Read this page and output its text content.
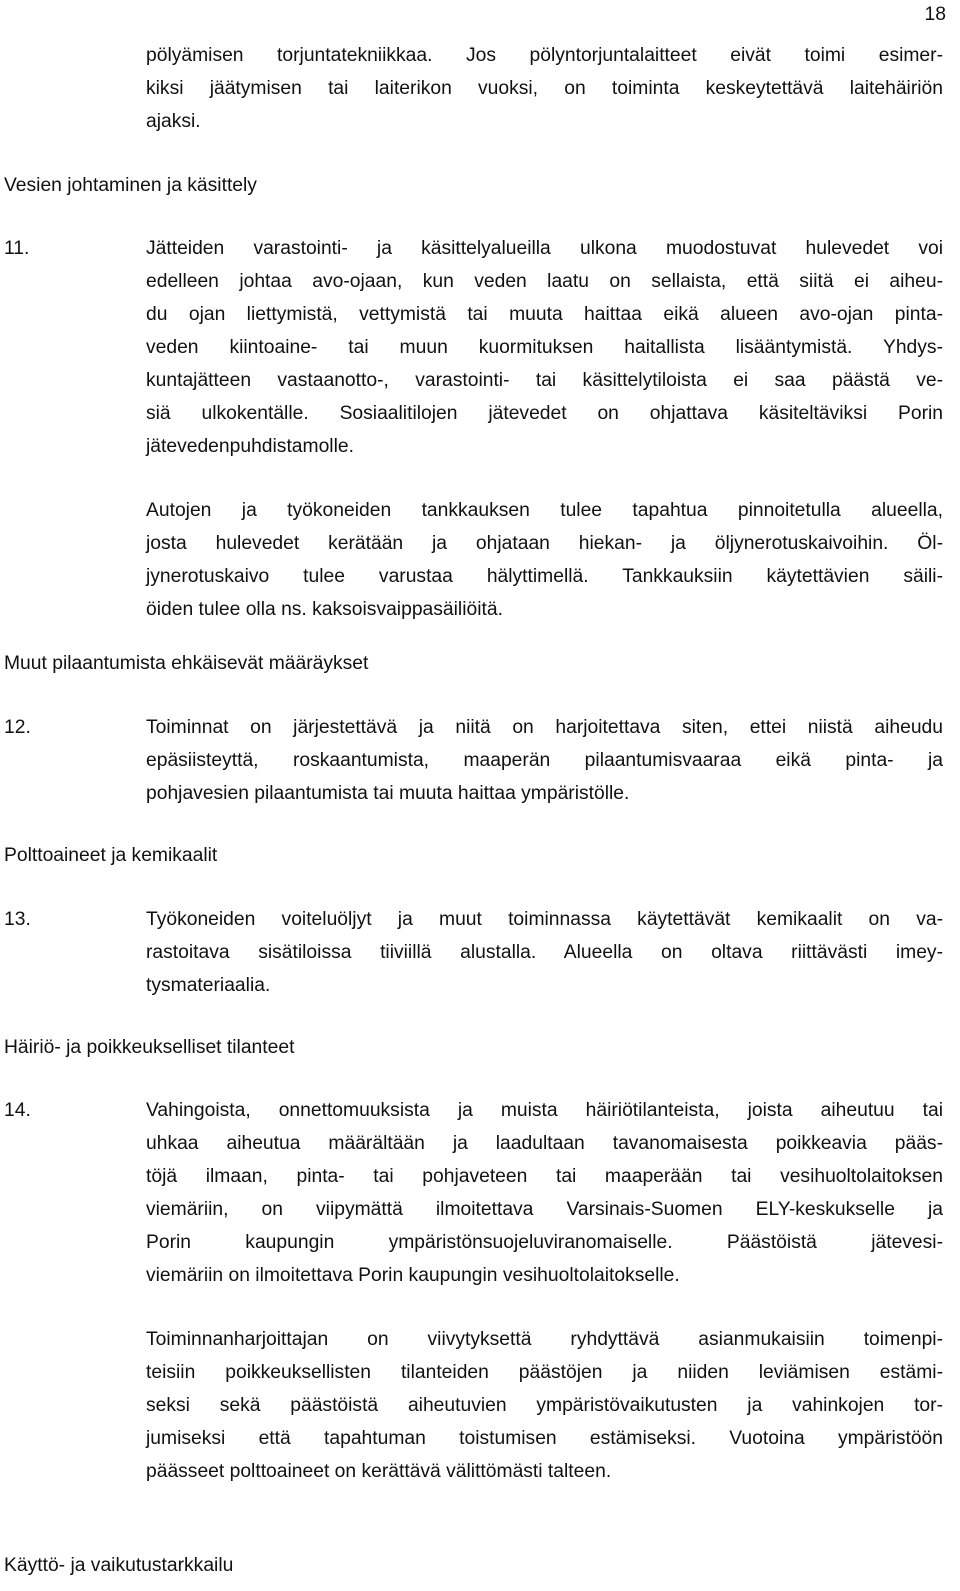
18
pölyämisen torjuntatekniikkaa. Jos pölyntorjuntalaitteet eivät toimi esimer-
kiksi jäätymisen tai laiterikon vuoksi, on toiminta keskeytettävä laitehäiriön
ajaksi.
Vesien johtaminen ja käsittely
11.	Jätteiden varastointi- ja käsittelyalueilla ulkona muodostuvat hulevedet voi
edelleen johtaa avo-ojaan, kun veden laatu on sellaista, että siitä ei aiheu-
du ojan liettymistä, vettymistä tai muuta haittaa eikä alueen avo-ojan pinta-
veden kiintoaine- tai muun kuormituksen haitallista lisääntymistä. Yhdys-
kuntajätteen vastaanotto-, varastointi- tai käsittelytiloista ei saa päästä ve-
siä ulkokentälle. Sosiaalitilojen jätevedet on ohjattava käsiteltäviksi Porin
jätevedenpuhdistamolle.
Autojen ja työkoneiden tankkauksen tulee tapahtua pinnoitetulla alueella,
josta hulevedet kerätään ja ohjataan hiekan- ja öljynerotuskaivoihin. Öl-
jynerotuskaivo tulee varustaa hälyttimellä. Tankkauksiin käytettävien säili-
öiden tulee olla ns. kaksoisvaippasäiliöitä.
Muut pilaantumista ehkäisevät määräykset
12.	Toiminnat on järjestettävä ja niitä on harjoitettava siten, ettei niistä aiheudu
epäsiisteyttä, roskaantumista, maaperän pilaantumisvaaraa eikä pinta- ja
pohjavesien pilaantumista tai muuta haittaa ympäristölle.
Polttoaineet ja kemikaalit
13.	Työkoneiden voiteluöljyt ja muut toiminnassa käytettävät kemikaalit on va-
rastoitava sisätiloissa tiiviillä alustalla. Alueella on oltava riittävästi imey-
tysmateriaalia.
Häiriö- ja poikkeukselliset tilanteet
14.	Vahingoista, onnettomuuksista ja muista häiriötilanteista, joista aiheutuu tai
uhkaa aiheutua määrältään ja laadultaan tavanomaisesta poikkeavia pääs-
töjä ilmaan, pinta- tai pohjaveteen tai maaperään tai vesihuoltolaitoksen
viemäriin, on viipymättä ilmoitettava Varsinais-Suomen ELY-keskukselle ja
Porin kaupungin ympäristönsuojeluviranomaiselle. Päästöistä jätevesi-
viemäriin on ilmoitettava Porin kaupungin vesihuoltolaitokselle.
Toiminnanharjoittajan on viivytyksettä ryhdyttävä asianmukaisiin toimenpi-
teisiin poikkeuksellisten tilanteiden päästöjen ja niiden leviämisen estämi-
seksi sekä päästöistä aiheutuvien ympäristövaikutusten ja vahinkojen tor-
jumiseksi että tapahtuman toistumisen estämiseksi. Vuotoina ympäristöön
päässeet polttoaineet on kerättävä välittömästi talteen.
Käyttö- ja vaikutustarkkailu
